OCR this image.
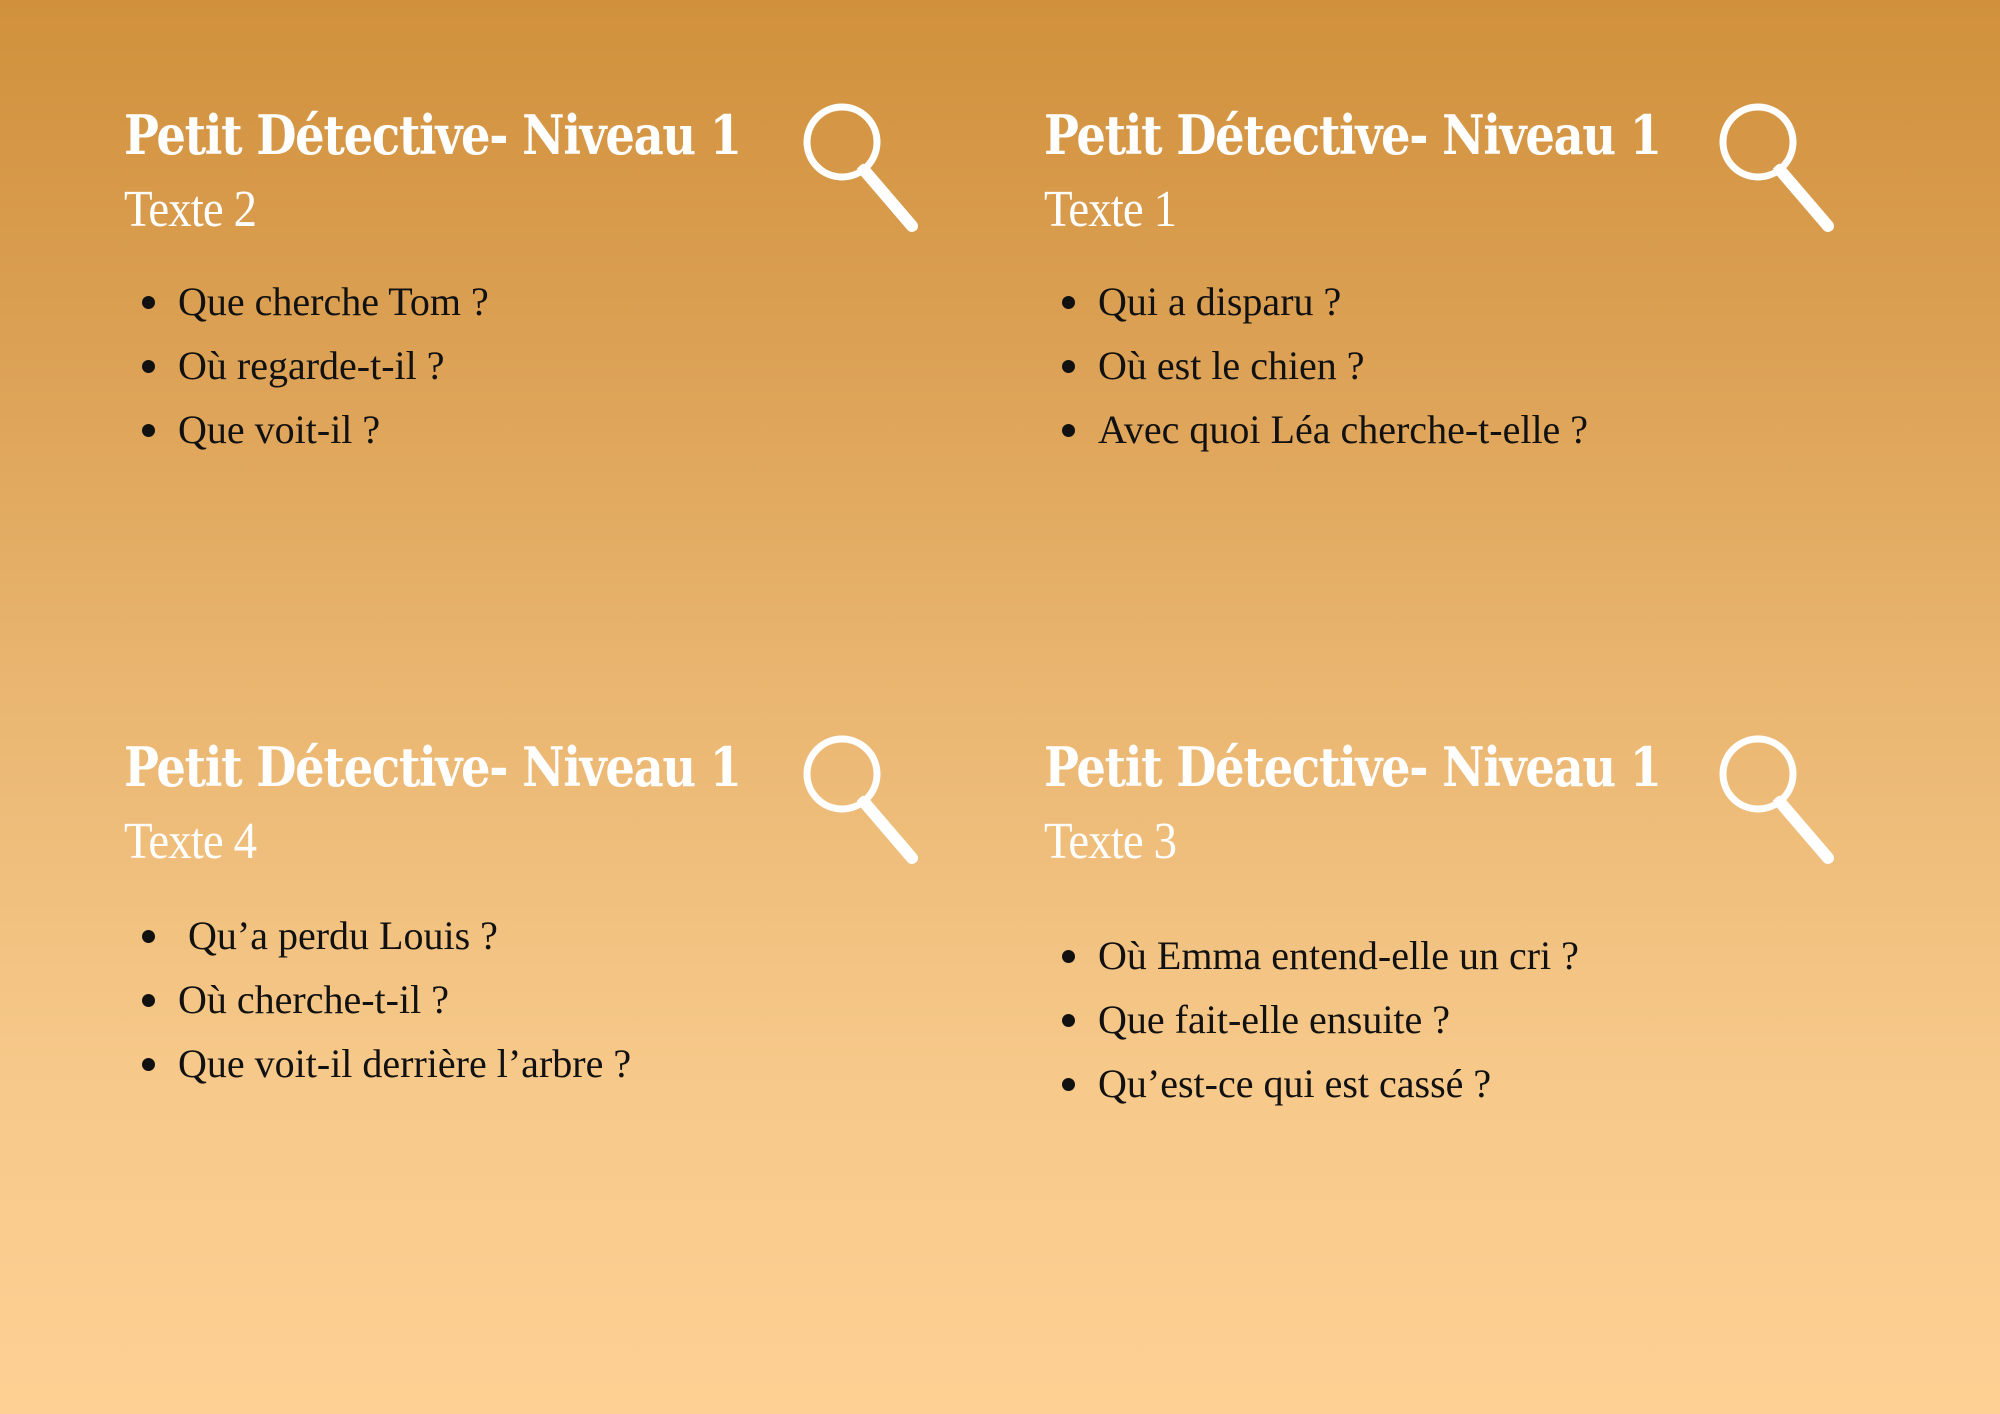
Petit Détective- Niveau 1
Texte 2
Que cherche Tom ?
Où regarde-t-il ?
Que voit-il ?
Petit Détective- Niveau 1
Texte 1
Qui a disparu ?
Où est le chien ?
Avec quoi Léa cherche-t-elle ?
Petit Détective- Niveau 1
Texte 4
Qu’a perdu Louis ?
Où cherche-t-il ?
Que voit-il derrière l’arbre ?
Petit Détective- Niveau 1
Texte 3
Où Emma entend-elle un cri ?
Que fait-elle ensuite ?
Qu’est-ce qui est cassé ?
